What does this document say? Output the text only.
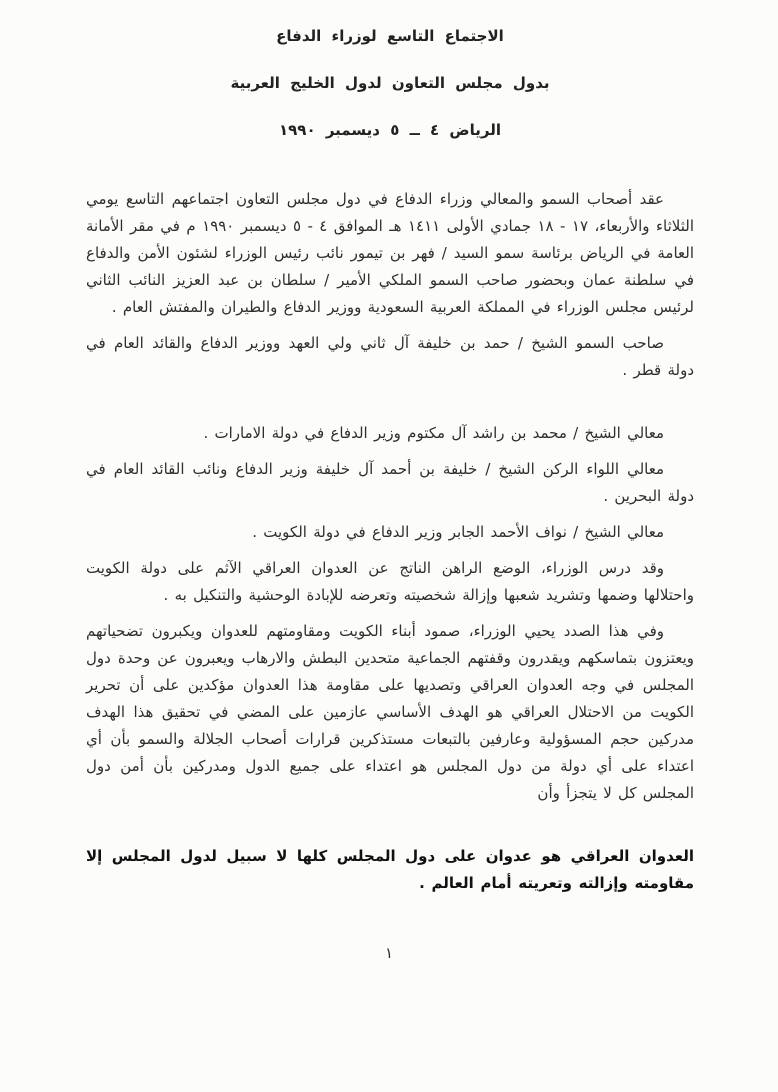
الاجتماع التاسع لوزراء الدفاع
بدول مجلس التعاون لدول الخليج العربية
الرياض ٤ ــ ٥ ديسمبر ١٩٩٠

عقد أصحاب السمو والمعالي وزراء الدفاع في دول مجلس التعاون اجتماعهم التاسع يومي الثلاثاء والأربعاء، ١٧ - ١٨ جمادي الأولى ١٤١١ هـ الموافق ٤ - ٥ ديسمبر ١٩٩٠ م في مقر الأمانة العامة في الرياض برئاسة سمو السيد / فهر بن تيمور نائب رئيس الوزراء لشئون الأمن والدفاع في سلطنة عمان وبحضور صاحب السمو الملكي الأمير / سلطان بن عبد العزيز النائب الثاني لرئيس مجلس الوزراء في المملكة العربية السعودية ووزير الدفاع والطيران والمفتش العام .

صاحب السمو الشيخ / حمد بن خليفة آل ثاني ولي العهد ووزير الدفاع والقائد العام في دولة قطر .

معالي الشيخ / محمد بن راشد آل مكتوم وزير الدفاع في دولة الامارات .

معالي اللواء الركن الشيخ / خليفة بن أحمد آل خليفة وزير الدفاع ونائب القائد العام في دولة البحرين .

معالي الشيخ / نواف الأحمد الجابر وزير الدفاع في دولة الكويت .

وقد درس الوزراء، الوضع الراهن الناتج عن العدوان العراقي الآثم على دولة الكويت واحتلالها وضمها وتشريد شعبها وإزالة شخصيته وتعرضه للإبادة الوحشية والتنكيل به .

وفي هذا الصدد يحيي الوزراء، صمود أبناء الكويت ومقاومتهم للعدوان ويكبرون تضحياتهم ويعتزون بتماسكهم ويقدرون وقفتهم الجماعية متحدين البطش والارهاب ويعبرون عن وحدة دول المجلس في وجه العدوان العراقي وتصديها على مقاومة هذا العدوان مؤكدين على أن تحرير الكويت من الاحتلال العراقي هو الهدف الأساسي عازمين على المضي في تحقيق هذا الهدف مدركين حجم المسؤولية وعارفين بالتبعات مستذكرين قرارات أصحاب الجلالة والسمو بأن أي اعتداء على أي دولة من دول المجلس هو اعتداء على جميع الدول ومدركين بأن أمن دول المجلس كل لا يتجزأ وأن

العدوان العراقي هو عدوان على دول المجلس كلها لا سبيل لدول المجلس إلا مقاومته وإزالته وتعريته أمام العالم .

١
